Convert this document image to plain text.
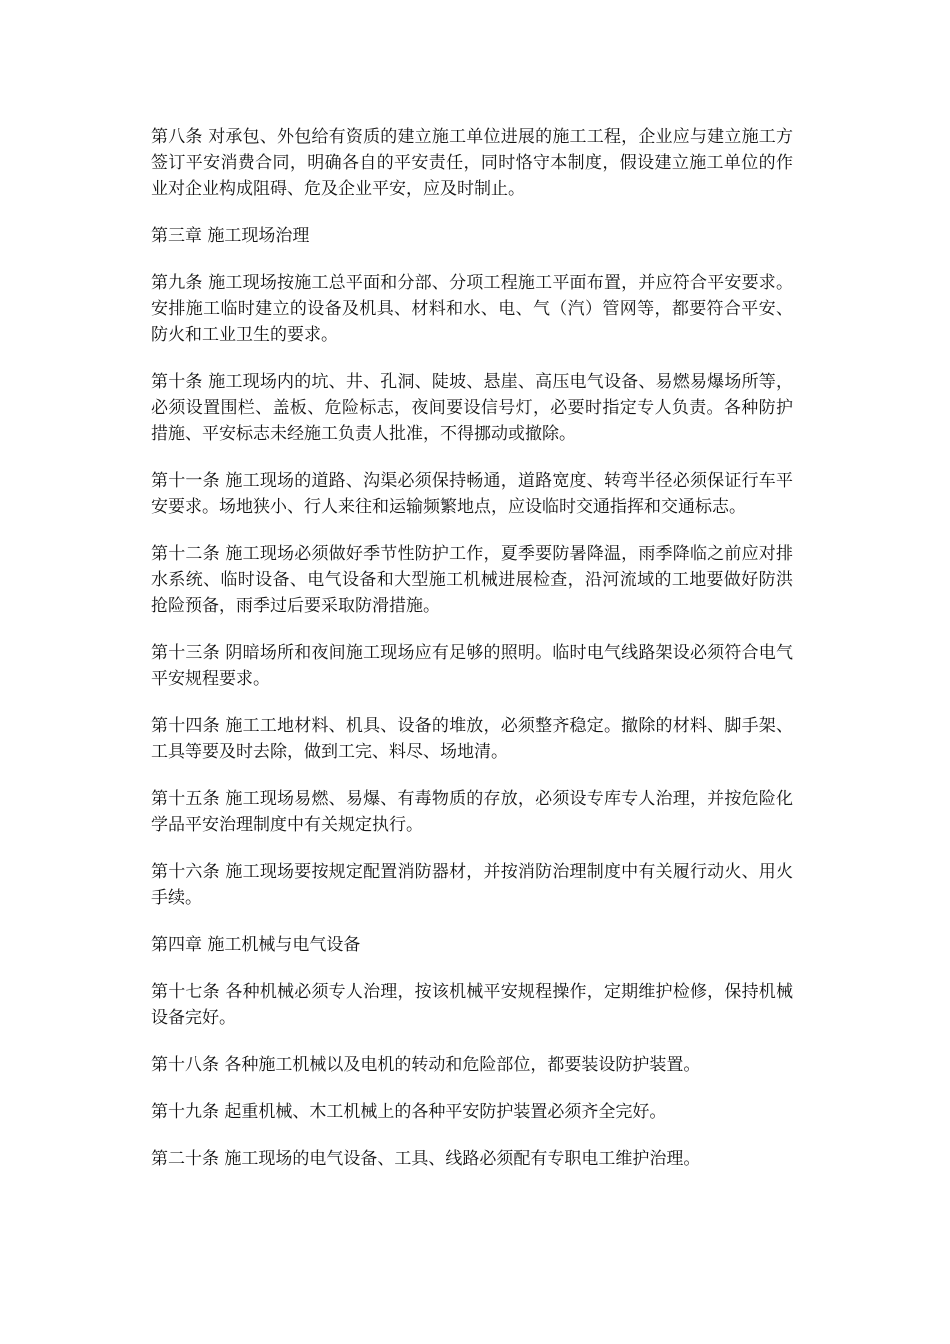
第八条 对承包、外包给有资质的建立施工单位进展的施工工程，企业应与建立施工方签订平安消费合同，明确各自的平安责任，同时恪守本制度，假设建立施工单位的作业对企业构成阻碍、危及企业平安，应及时制止。

第三章 施工现场治理

第九条 施工现场按施工总平面和分部、分项工程施工平面布置，并应符合平安要求。安排施工临时建立的设备及机具、材料和水、电、气（汽）管网等，都要符合平安、防火和工业卫生的要求。

第十条 施工现场内的坑、井、孔洞、陡坡、悬崖、高压电气设备、易燃易爆场所等，必须设置围栏、盖板、危险标志，夜间要设信号灯，必要时指定专人负责。各种防护措施、平安标志未经施工负责人批准，不得挪动或撤除。

第十一条 施工现场的道路、沟渠必须保持畅通，道路宽度、转弯半径必须保证行车平安要求。场地狭小、行人来往和运输频繁地点，应设临时交通指挥和交通标志。

第十二条 施工现场必须做好季节性防护工作，夏季要防暑降温，雨季降临之前应对排水系统、临时设备、电气设备和大型施工机械进展检查，沿河流域的工地要做好防洪抢险预备，雨季过后要采取防滑措施。

第十三条 阴暗场所和夜间施工现场应有足够的照明。临时电气线路架设必须符合电气平安规程要求。

第十四条 施工工地材料、机具、设备的堆放，必须整齐稳定。撤除的材料、脚手架、工具等要及时去除，做到工完、料尽、场地清。

第十五条 施工现场易燃、易爆、有毒物质的存放，必须设专库专人治理，并按危险化学品平安治理制度中有关规定执行。

第十六条 施工现场要按规定配置消防器材，并按消防治理制度中有关履行动火、用火手续。

第四章 施工机械与电气设备

第十七条 各种机械必须专人治理，按该机械平安规程操作，定期维护检修，保持机械设备完好。

第十八条 各种施工机械以及电机的转动和危险部位，都要装设防护装置。

第十九条 起重机械、木工机械上的各种平安防护装置必须齐全完好。

第二十条 施工现场的电气设备、工具、线路必须配有专职电工维护治理。
